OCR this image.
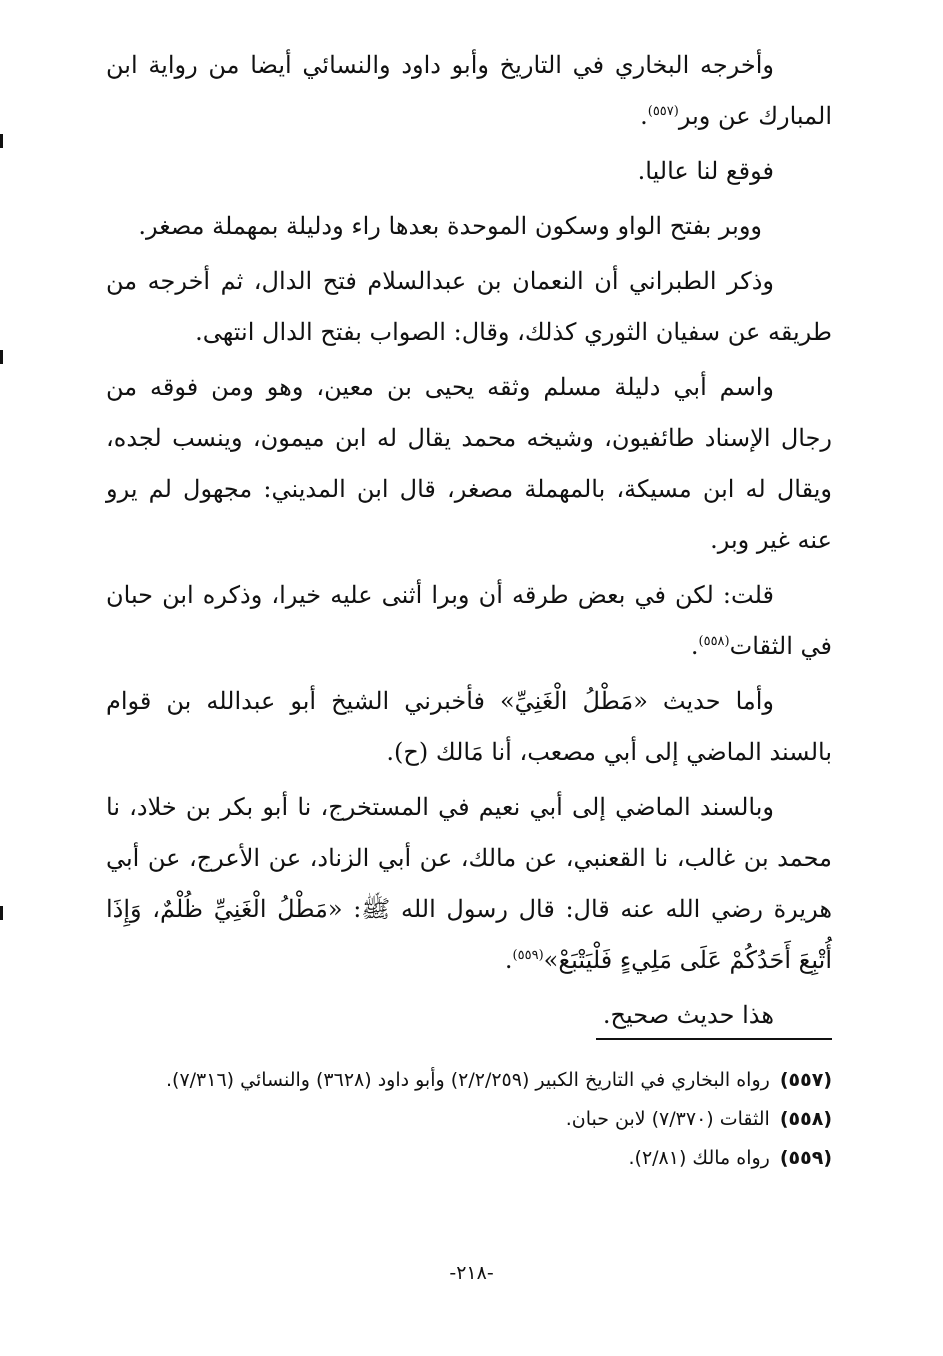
وأخرجه البخاري في التاريخ وأبو داود والنسائي أيضا من رواية ابن المبارك عن وبر$^{(٥٥٧)}$.

فوقع لنا عاليا.

ووبر بفتح الواو وسكون الموحدة بعدها راء ودليلة بمهملة مصغر.

وذكر الطبراني أن النعمان بن عبدالسلام فتح الدال، ثم أخرجه من طريقه عن سفيان الثوري كذلك، وقال: الصواب بفتح الدال انتهى.

واسم أبي دليلة مسلم وثقه يحيى بن معين، وهو ومن فوقه من رجال الإسناد طائفيون، وشيخه محمد يقال له ابن ميمون، وينسب لجده، ويقال له ابن مسيكة، بالمهملة مصغر، قال ابن المديني: مجهول لم يرو عنه غير وبر.

قلت: لكن في بعض طرقه أن وبرا أثنى عليه خيرا، وذكره ابن حبان في الثقات$^{(٥٥٨)}$.

وأما حديث «مَطْلُ الْغَنِيِّ» فأخبرني الشيخ أبو عبدالله بن قوام بالسند الماضي إلى أبي مصعب، أنا مَالك (ح).

وبالسند الماضي إلى أبي نعيم في المستخرج، نا أبو بكر بن خلاد، نا محمد بن غالب، نا القعنبي، عن مالك، عن أبي الزناد، عن الأعرج، عن أبي هريرة رضي الله عنه قال: قال رسول الله ﷺ: «مَطْلُ الْغَنِيِّ ظُلْمٌ، وَإِذَا أُتْبِعَ أَحَدُكُمْ عَلَى مَلِيءٍ فَلْيَتْبَعْ»$^{(٥٥٩)}$.

هذا حديث صحيح.

(٥٥٧)رواه البخاري في التاريخ الكبير (٢/٢/٢٥٩) وأبو داود (٣٦٢٨) والنسائي (٧/٣١٦).
(٥٥٨)الثقات (٧/٣٧٠) لابن حبان.
(٥٥٩)رواه مالك (٢/٨١).
-٢١٨-
